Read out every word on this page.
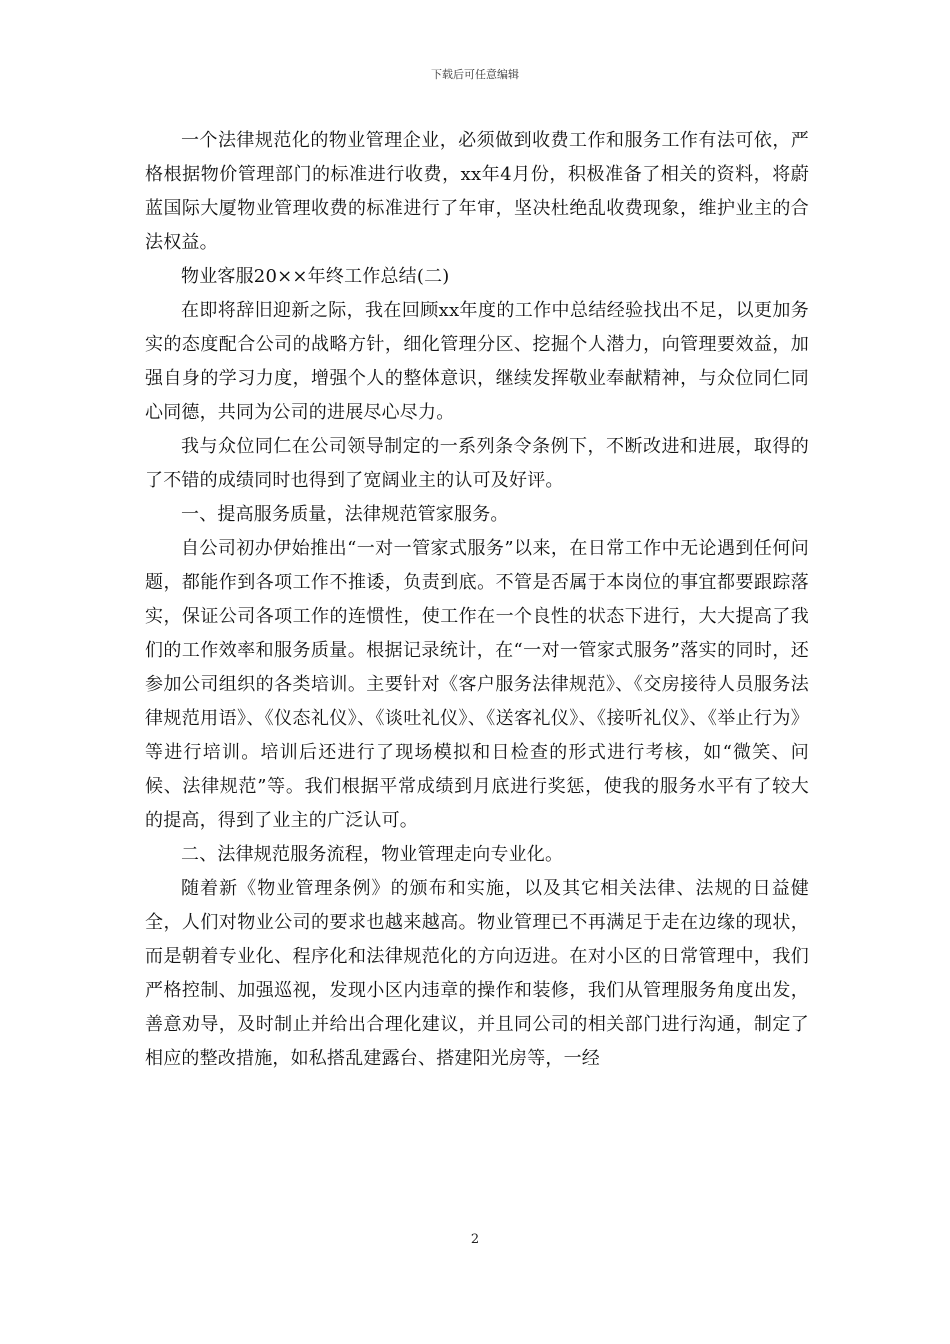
下载后可任意编辑

一个法律规范化的物业管理企业，必须做到收费工作和服务工作有法可依，严格根据物价管理部门的标准进行收费，xx年4月份，积极准备了相关的资料，将蔚蓝国际大厦物业管理收费的标准进行了年审，坚决杜绝乱收费现象，维护业主的合法权益。

物业客服20××年终工作总结(二)

在即将辞旧迎新之际，我在回顾xx年度的工作中总结经验找出不足，以更加务实的态度配合公司的战略方针，细化管理分区、挖掘个人潜力，向管理要效益，加强自身的学习力度，增强个人的整体意识，继续发挥敬业奉献精神，与众位同仁同心同德，共同为公司的进展尽心尽力。

我与众位同仁在公司领导制定的一系列条令条例下，不断改进和进展，取得的了不错的成绩同时也得到了宽阔业主的认可及好评。

一、提高服务质量，法律规范管家服务。

自公司初办伊始推出“一对一管家式服务”以来，在日常工作中无论遇到任何问题，都能作到各项工作不推诿，负责到底。不管是否属于本岗位的事宜都要跟踪落实，保证公司各项工作的连惯性，使工作在一个良性的状态下进行，大大提高了我们的工作效率和服务质量。根据记录统计，在“一对一管家式服务”落实的同时，还参加公司组织的各类培训。主要针对《客户服务法律规范》、《交房接待人员服务法律规范用语》、《仪态礼仪》、《谈吐礼仪》、《送客礼仪》、《接听礼仪》、《举止行为》等进行培训。培训后还进行了现场模拟和日检查的形式进行考核，如“微笑、问候、法律规范”等。我们根据平常成绩到月底进行奖惩，使我的服务水平有了较大的提高，得到了业主的广泛认可。

二、法律规范服务流程，物业管理走向专业化。

随着新《物业管理条例》的颁布和实施，以及其它相关法律、法规的日益健全，人们对物业公司的要求也越来越高。物业管理已不再满足于走在边缘的现状，而是朝着专业化、程序化和法律规范化的方向迈进。在对小区的日常管理中，我们严格控制、加强巡视，发现小区内违章的操作和装修，我们从管理服务角度出发，善意劝导，及时制止并给出合理化建议，并且同公司的相关部门进行沟通，制定了相应的整改措施，如私搭乱建露台、搭建阳光房等，一经

2
